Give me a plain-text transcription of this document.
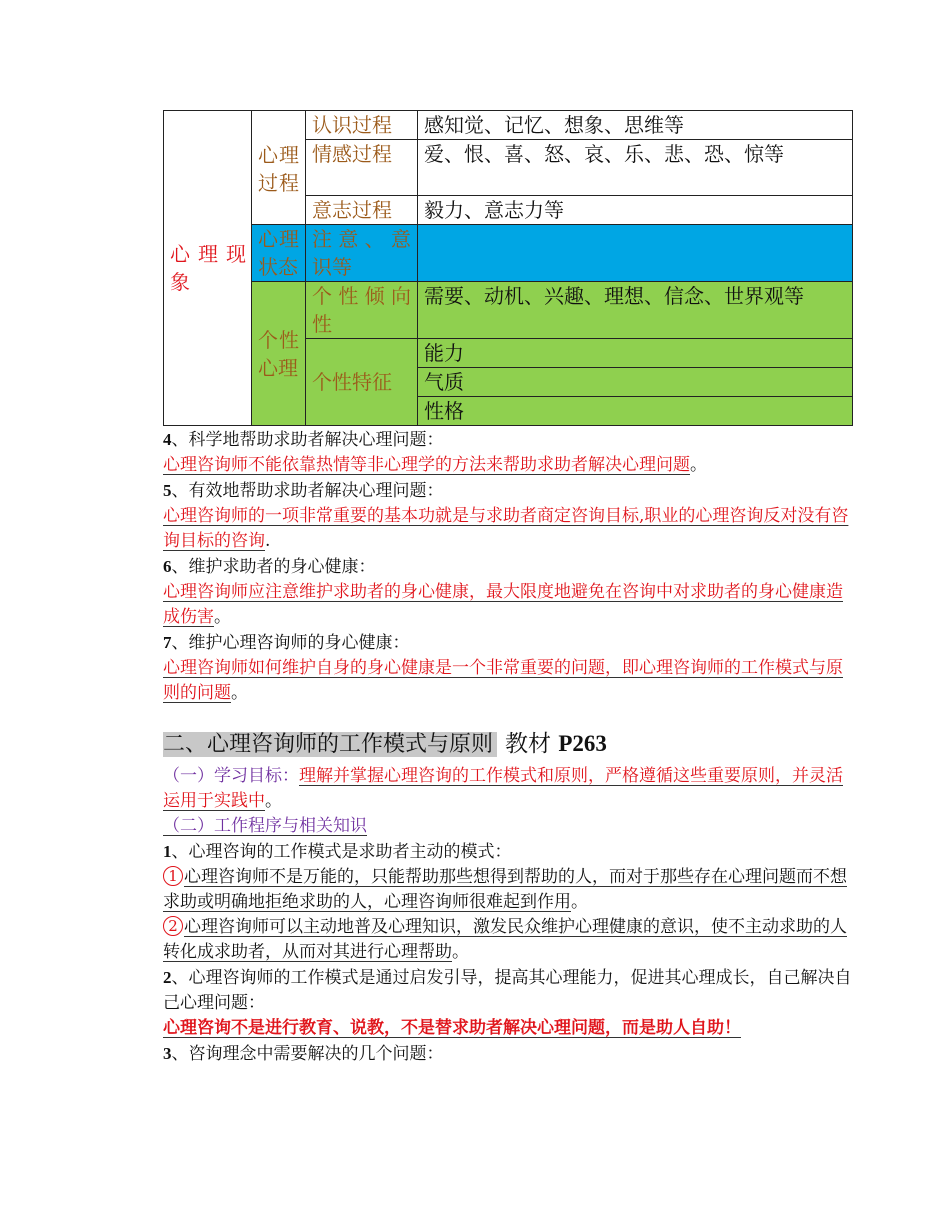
心理现象	心理过程	认识过程	感知觉、记忆、想象、思维等
		情感过程	爱、恨、喜、怒、哀、乐、悲、恐、惊等
		意志过程	毅力、意志力等

	心理状态	注意、意识等	

	个性心理	个性倾向性	需要、动机、兴趣、理想、信念、世界观等
		个性特征	能力
			气质
			性格

4、科学地帮助求助者解决心理问题：

心理咨询师不能依靠热情等非心理学的方法来帮助求助者解决心理问题。

5、有效地帮助求助者解决心理问题：

心理咨询师的一项非常重要的基本功就是与求助者商定咨询目标,职业的心理咨询反对没有咨询目标的咨询.

6、维护求助者的身心健康：

心理咨询师应注意维护求助者的身心健康，最大限度地避免在咨询中对求助者的身心健康造成伤害。

7、维护心理咨询师的身心健康：

心理咨询师如何维护自身的身心健康是一个非常重要的问题，即心理咨询师的工作模式与原则的问题。

二、心理咨询师的工作模式与原则 教材 P263

（一）学习目标：理解并掌握心理咨询的工作模式和原则，严格遵循这些重要原则，并灵活运用于实践中。

（二）工作程序与相关知识

1、心理咨询的工作模式是求助者主动的模式：

1 心理咨询师不是万能的，只能帮助那些想得到帮助的人，而对于那些存在心理问题而不想求助或明确地拒绝求助的人，心理咨询师很难起到作用。

2 心理咨询师可以主动地普及心理知识，激发民众维护心理健康的意识，使不主动求助的人转化成求助者，从而对其进行心理帮助。

2、心理咨询师的工作模式是通过启发引导，提高其心理能力，促进其心理成长，自己解决自己心理问题：

心理咨询不是进行教育、说教，不是替求助者解决心理问题，而是助人自助！

3、咨询理念中需要解决的几个问题：
